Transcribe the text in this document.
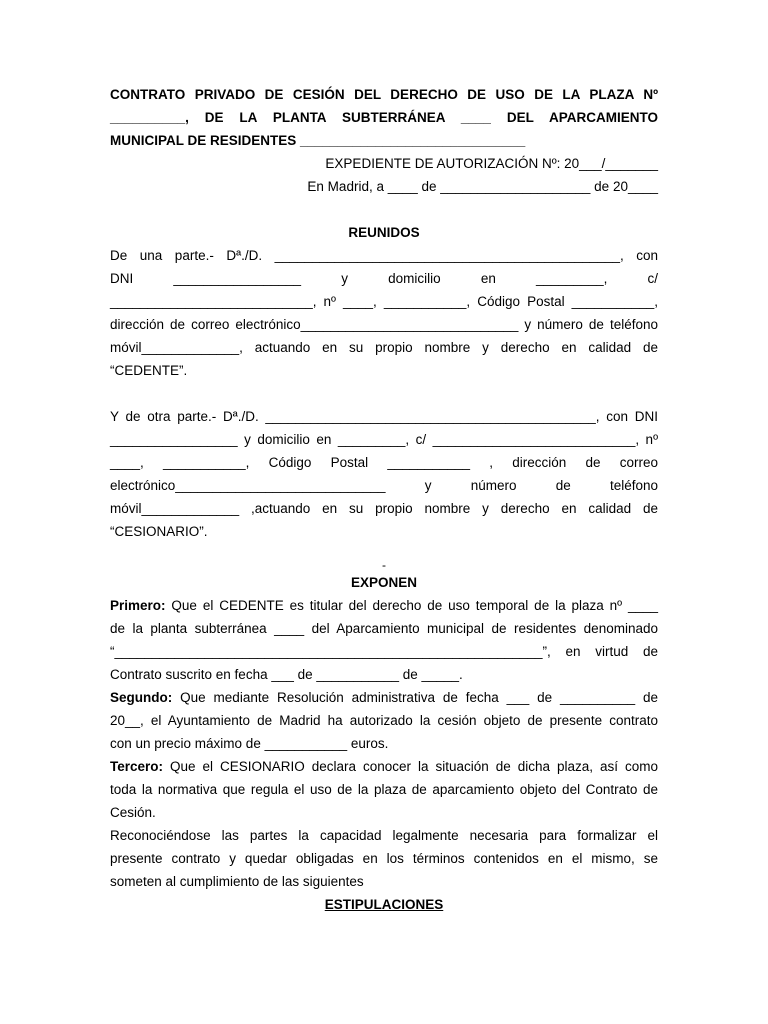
CONTRATO PRIVADO DE CESIÓN DEL DERECHO DE USO DE LA PLAZA Nº

__________, DE LA PLANTA SUBTERRÁNEA ____ DEL APARCAMIENTO

MUNICIPAL DE RESIDENTES ______________________________

EXPEDIENTE DE AUTORIZACIÓN Nº: 20___/_______

En Madrid, a ____ de ____________________ de 20____

REUNIDOS

De una parte.- Dª./D. ______________________________________________, con

DNI _________________ y domicilio en _________, c/

___________________________, nº ____, ___________, Código Postal ___________,

dirección de correo electrónico_____________________________ y número de teléfono

móvil_____________, actuando en su propio nombre y derecho en calidad de

“CEDENTE”.

Y de otra parte.- Dª./D. ____________________________________________, con DNI

_________________ y domicilio en _________, c/ ___________________________, nº

____, ___________, Código Postal ___________ , dirección de correo

electrónico____________________________ y número de teléfono

móvil_____________ ,actuando en su propio nombre y derecho en calidad de

“CESIONARIO”.

-

EXPONEN

Primero: Que el CEDENTE es titular del derecho de uso temporal de la plaza nº ____

de la planta subterránea ____ del Aparcamiento municipal de residentes denominado

“_________________________________________________________”, en virtud de

Contrato suscrito en fecha ___ de ___________ de _____.

Segundo: Que mediante Resolución administrativa de fecha ___ de __________ de

20__, el Ayuntamiento de Madrid ha autorizado la cesión objeto de presente contrato

con un precio máximo de ___________ euros.

Tercero: Que el CESIONARIO declara conocer la situación de dicha plaza, así como

toda la normativa que regula el uso de la plaza de aparcamiento objeto del Contrato de

Cesión.

Reconociéndose las partes la capacidad legalmente necesaria para formalizar el

presente contrato y quedar obligadas en los términos contenidos en el mismo, se

someten al cumplimiento de las siguientes

ESTIPULACIONES
